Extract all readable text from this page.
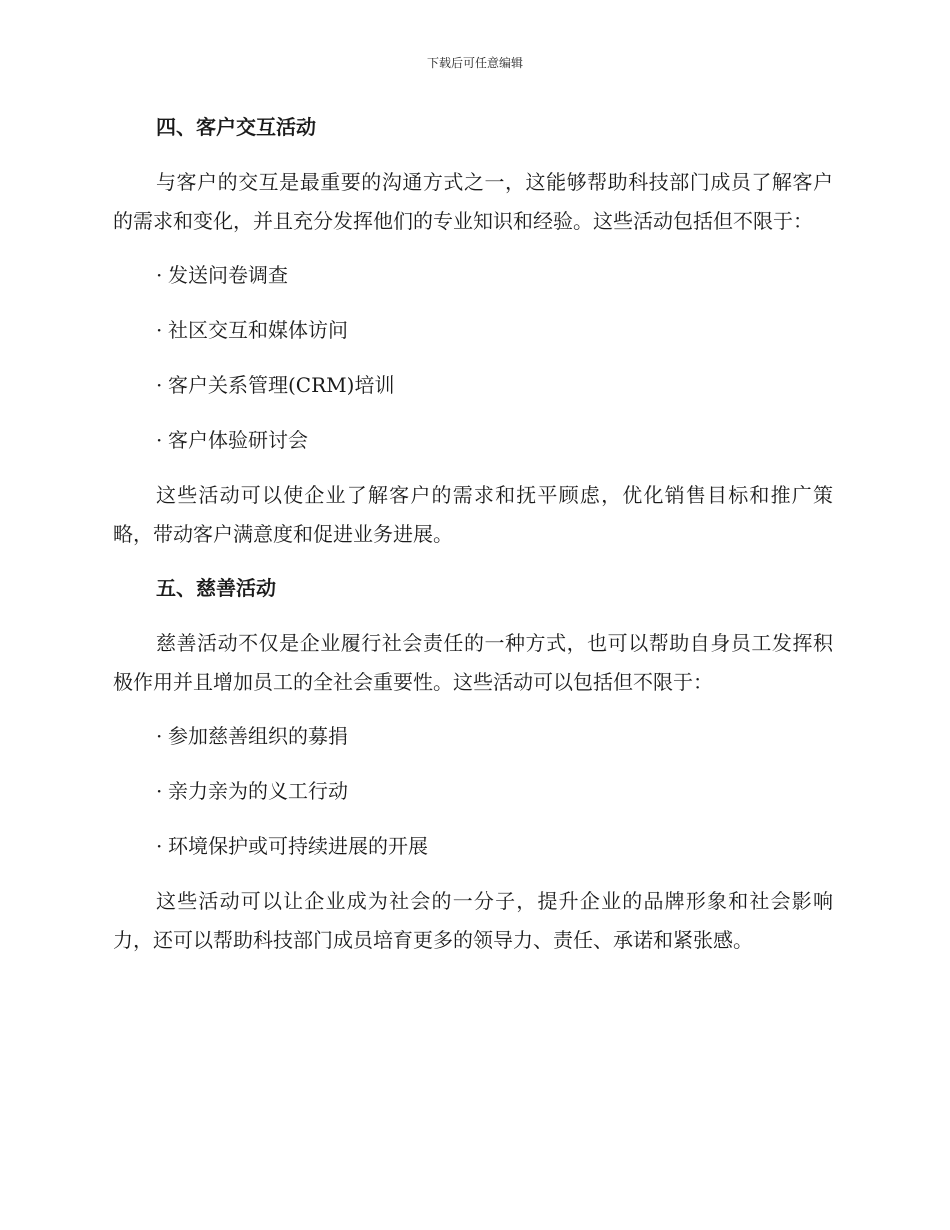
下载后可任意编辑
四、客户交互活动

与客户的交互是最重要的沟通方式之一，这能够帮助科技部门成员了解客户的需求和变化，并且充分发挥他们的专业知识和经验。这些活动包括但不限于：

· 发送问卷调查
· 社区交互和媒体访问
· 客户关系管理(CRM)培训
· 客户体验研讨会

这些活动可以使企业了解客户的需求和抚平顾虑，优化销售目标和推广策略，带动客户满意度和促进业务进展。

五、慈善活动

慈善活动不仅是企业履行社会责任的一种方式，也可以帮助自身员工发挥积极作用并且增加员工的全社会重要性。这些活动可以包括但不限于：

· 参加慈善组织的募捐
· 亲力亲为的义工行动
· 环境保护或可持续进展的开展

这些活动可以让企业成为社会的一分子，提升企业的品牌形象和社会影响力，还可以帮助科技部门成员培育更多的领导力、责任、承诺和紧张感。
